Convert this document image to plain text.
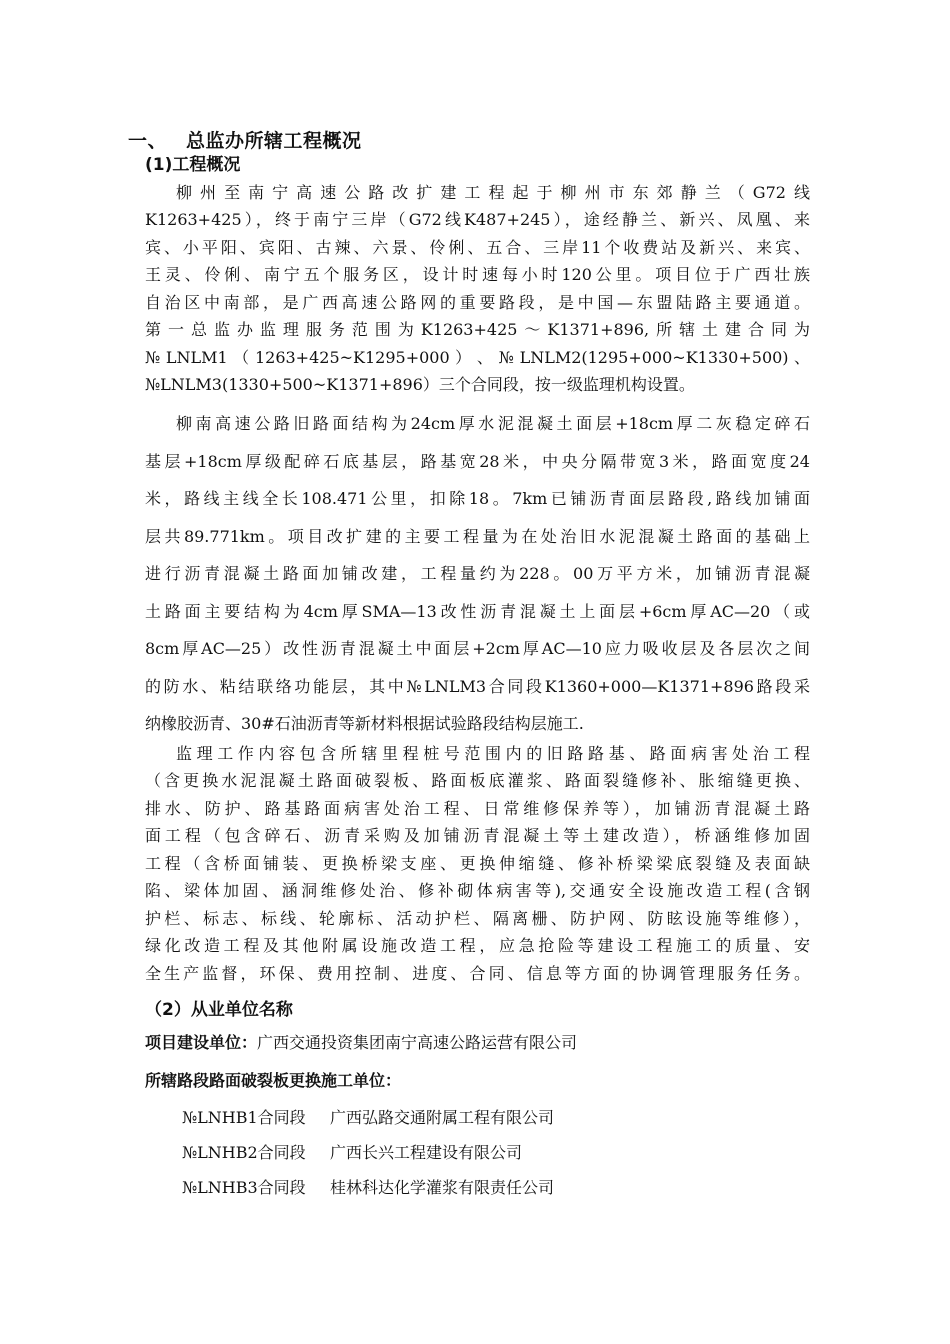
一、 总监办所辖工程概况
(1)工程概况
柳州至南宁高速公路改扩建工程起于柳州市东郊静兰（G72线
K1263+425），终于南宁三岸（G72线K487+245），途经静兰、新兴、凤凰、来
宾、小平阳、宾阳、古辣、六景、伶俐、五合、三岸11个收费站及新兴、来宾、
王灵、伶俐、南宁五个服务区，设计时速每小时120公里。项目位于广西壮族
自治区中南部，是广西高速公路网的重要路段，是中国—东盟陆路主要通道。
第一总监办监理服务范围为K1263+425～K1371+896,所辖土建合同为
№ LNLM1 （ 1263+425~K1295+000 ） 、 № LNLM2(1295+000~K1330+500) 、
№LNLM3(1330+500~K1371+896）三个合同段，按一级监理机构设置。
柳南高速公路旧路面结构为24cm厚水泥混凝土面层+18cm厚二灰稳定碎石
基层+18cm厚级配碎石底基层，路基宽28米，中央分隔带宽3米，路面宽度24
米，路线主线全长108.471公里，扣除18。7km已铺沥青面层路段,路线加铺面
层共89.771km。项目改扩建的主要工程量为在处治旧水泥混凝土路面的基础上
进行沥青混凝土路面加铺改建，工程量约为228。00万平方米，加铺沥青混凝
土路面主要结构为4cm厚SMA—13改性沥青混凝土上面层+6cm厚AC—20（或
8cm厚AC—25）改性沥青混凝土中面层+2cm厚AC—10应力吸收层及各层次之间
的防水、粘结联络功能层，其中№LNLM3合同段K1360+000—K1371+896路段采
纳橡胶沥青、30#石油沥青等新材料根据试验路段结构层施工.
监理工作内容包含所辖里程桩号范围内的旧路路基、路面病害处治工程
（含更换水泥混凝土路面破裂板、路面板底灌浆、路面裂缝修补、胀缩缝更换、
排水、防护、路基路面病害处治工程、日常维修保养等），加铺沥青混凝土路
面工程（包含碎石、沥青采购及加铺沥青混凝土等土建改造），桥涵维修加固
工程（含桥面铺装、更换桥梁支座、更换伸缩缝、修补桥梁梁底裂缝及表面缺
陷、梁体加固、涵洞维修处治、修补砌体病害等),交通安全设施改造工程(含钢
护栏、标志、标线、轮廓标、活动护栏、隔离栅、防护网、防眩设施等维修），
绿化改造工程及其他附属设施改造工程，应急抢险等建设工程施工的质量、安
全生产监督，环保、费用控制、进度、合同、信息等方面的协调管理服务任务。
（2）从业单位名称
项目建设单位：广西交通投资集团南宁高速公路运营有限公司
所辖路段路面破裂板更换施工单位：
№LNHB1合同段 广西弘路交通附属工程有限公司
№LNHB2合同段 广西长兴工程建设有限公司
№LNHB3合同段 桂林科达化学灌浆有限责任公司
